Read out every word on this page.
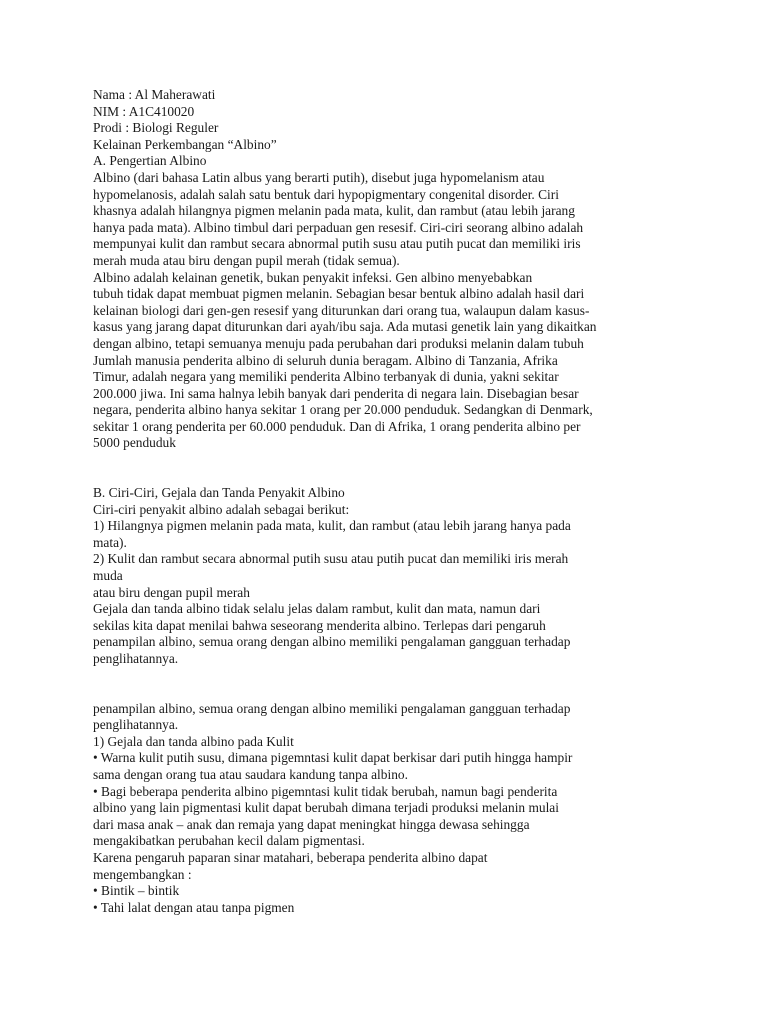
Nama : Al Maherawati
NIM : A1C410020
Prodi : Biologi Reguler
Kelainan Perkembangan “Albino”
A. Pengertian Albino
Albino (dari bahasa Latin albus yang berarti putih), disebut juga hypomelanism atau
hypomelanosis, adalah salah satu bentuk dari hypopigmentary congenital disorder. Ciri
khasnya adalah hilangnya pigmen melanin pada mata, kulit, dan rambut (atau lebih jarang
hanya pada mata). Albino timbul dari perpaduan gen resesif. Ciri-ciri seorang albino adalah
mempunyai kulit dan rambut secara abnormal putih susu atau putih pucat dan memiliki iris
merah muda atau biru dengan pupil merah (tidak semua).
Albino adalah kelainan genetik, bukan penyakit infeksi. Gen albino menyebabkan
tubuh tidak dapat membuat pigmen melanin. Sebagian besar bentuk albino adalah hasil dari
kelainan biologi dari gen-gen resesif yang diturunkan dari orang tua, walaupun dalam kasus-
kasus yang jarang dapat diturunkan dari ayah/ibu saja. Ada mutasi genetik lain yang dikaitkan
dengan albino, tetapi semuanya menuju pada perubahan dari produksi melanin dalam tubuh
Jumlah manusia penderita albino di seluruh dunia beragam. Albino di Tanzania, Afrika
Timur, adalah negara yang memiliki penderita Albino terbanyak di dunia, yakni sekitar
200.000 jiwa. Ini sama halnya lebih banyak dari penderita di negara lain. Disebagian besar
negara, penderita albino hanya sekitar 1 orang per 20.000 penduduk. Sedangkan di Denmark,
sekitar 1 orang penderita per 60.000 penduduk. Dan di Afrika, 1 orang penderita albino per
5000 penduduk
B. Ciri-Ciri, Gejala dan Tanda Penyakit Albino
Ciri-ciri penyakit albino adalah sebagai berikut:
1) Hilangnya pigmen melanin pada mata, kulit, dan rambut (atau lebih jarang hanya pada
mata).
2) Kulit dan rambut secara abnormal putih susu atau putih pucat dan memiliki iris merah
muda
atau biru dengan pupil merah
Gejala dan tanda albino tidak selalu jelas dalam rambut, kulit dan mata, namun dari
sekilas kita dapat menilai bahwa seseorang menderita albino. Terlepas dari pengaruh
penampilan albino, semua orang dengan albino memiliki pengalaman gangguan terhadap
penglihatannya.
penampilan albino, semua orang dengan albino memiliki pengalaman gangguan terhadap
penglihatannya.
1) Gejala dan tanda albino pada Kulit
• Warna kulit putih susu, dimana pigemntasi kulit dapat berkisar dari putih hingga hampir
sama dengan orang tua atau saudara kandung tanpa albino.
• Bagi beberapa penderita albino pigemntasi kulit tidak berubah, namun bagi penderita
albino yang lain pigmentasi kulit dapat berubah dimana terjadi produksi melanin mulai
dari masa anak – anak dan remaja yang dapat meningkat hingga dewasa sehingga
mengakibatkan perubahan kecil dalam pigmentasi.
Karena pengaruh paparan sinar matahari, beberapa penderita albino dapat
mengembangkan :
• Bintik – bintik
• Tahi lalat dengan atau tanpa pigmen
